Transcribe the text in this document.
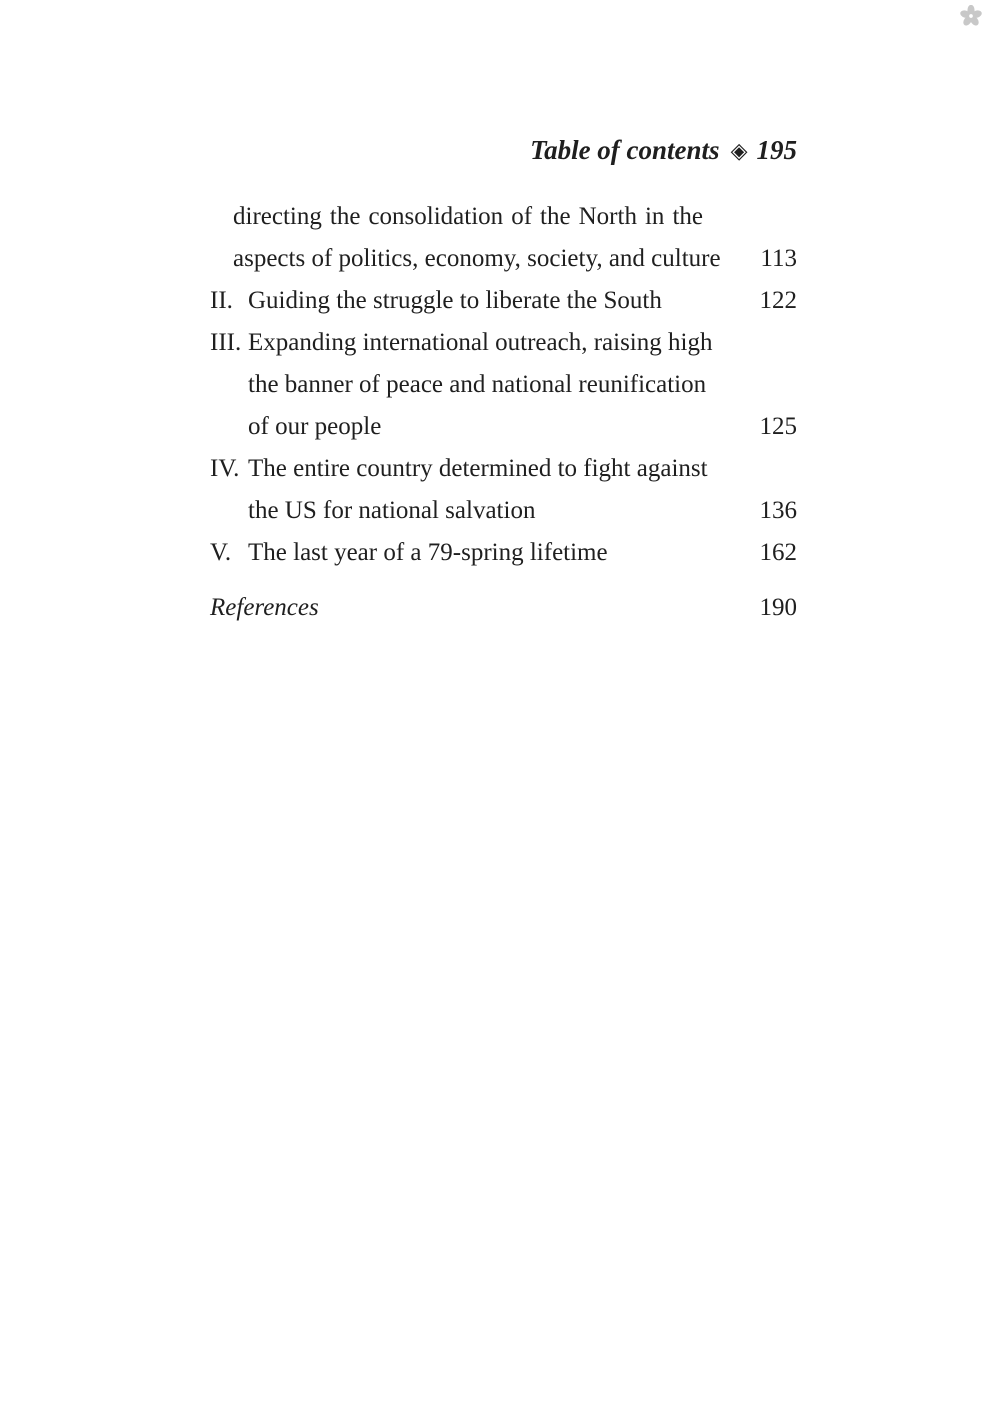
Table of contents ◈ 195
directing the consolidation of the North in the
aspects of politics, economy, society, and culture 113
II. Guiding the struggle to liberate the South	122
III. Expanding international outreach, raising high
the banner of peace and national reunification
of our people	125
IV. The entire country determined to fight against
the US for national salvation	136
V. The last year of a 79-spring lifetime	162
References	190
